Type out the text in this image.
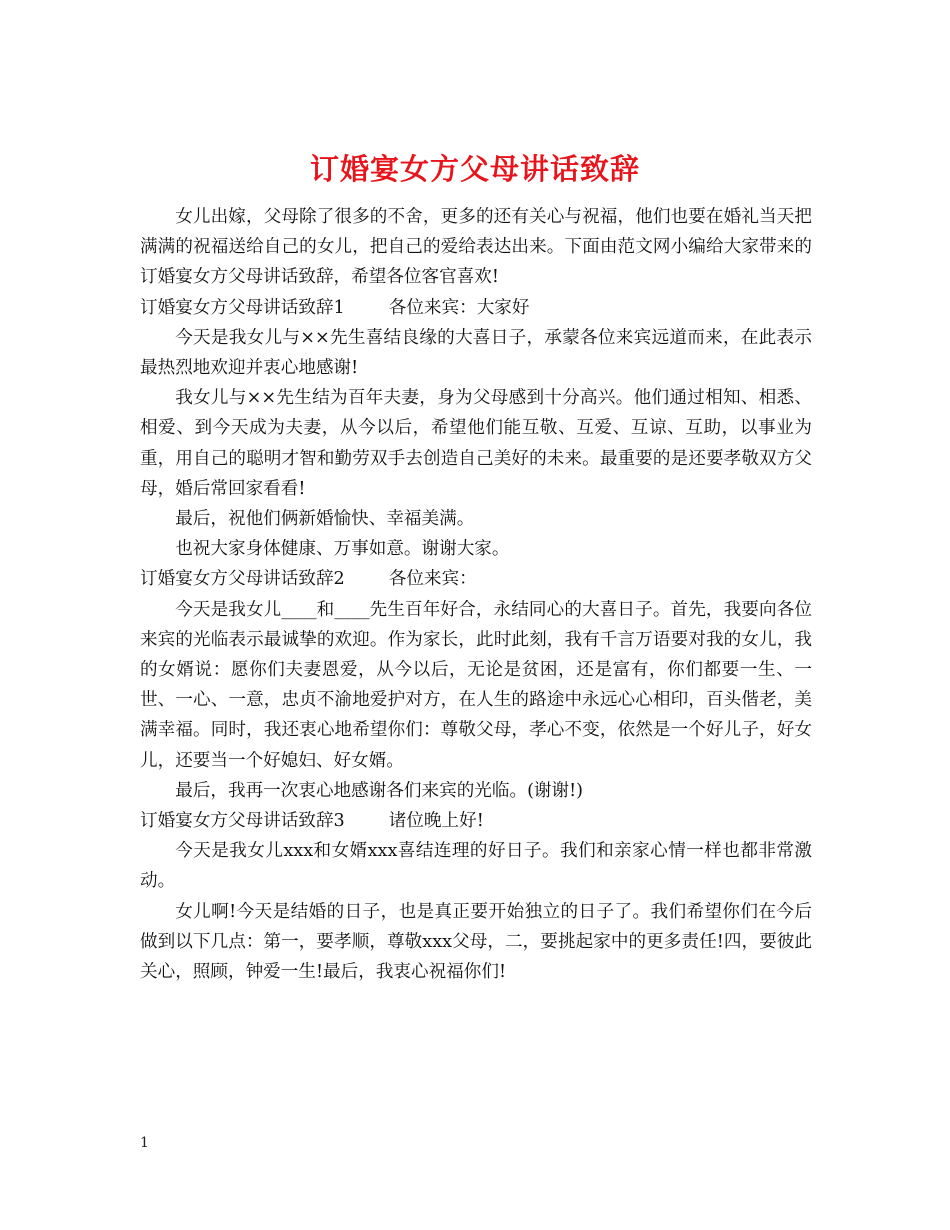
订婚宴女方父母讲话致辞

女儿出嫁，父母除了很多的不舍，更多的还有关心与祝福，他们也要在婚礼当天把满满的祝福送给自己的女儿，把自己的爱给表达出来。下面由范文网小编给大家带来的订婚宴女方父母讲话致辞，希望各位客官喜欢!

订婚宴女方父母讲话致辞1	各位来宾：大家好

今天是我女儿与××先生喜结良缘的大喜日子，承蒙各位来宾远道而来，在此表示最热烈地欢迎并衷心地感谢!

我女儿与××先生结为百年夫妻，身为父母感到十分高兴。他们通过相知、相悉、相爱、到今天成为夫妻，从今以后，希望他们能互敬、互爱、互谅、互助，以事业为重，用自己的聪明才智和勤劳双手去创造自己美好的未来。最重要的是还要孝敬双方父母，婚后常回家看看!

最后，祝他们俩新婚愉快、幸福美满。

也祝大家身体健康、万事如意。谢谢大家。

订婚宴女方父母讲话致辞2	各位来宾：

今天是我女儿____和____先生百年好合，永结同心的大喜日子。首先，我要向各位来宾的光临表示最诚挚的欢迎。作为家长，此时此刻，我有千言万语要对我的女儿，我的女婿说：愿你们夫妻恩爱，从今以后，无论是贫困，还是富有，你们都要一生、一世、一心、一意，忠贞不渝地爱护对方，在人生的路途中永远心心相印，百头偕老，美满幸福。同时，我还衷心地希望你们：尊敬父母，孝心不变，依然是一个好儿子，好女儿，还要当一个好媳妇、好女婿。

最后，我再一次衷心地感谢各们来宾的光临。(谢谢!)

订婚宴女方父母讲话致辞3	诸位晚上好!

今天是我女儿xxx和女婿xxx喜结连理的好日子。我们和亲家心情一样也都非常激动。

女儿啊!今天是结婚的日子，也是真正要开始独立的日子了。我们希望你们在今后做到以下几点：第一，要孝顺，尊敬xxx父母，二，要挑起家中的更多责任!四，要彼此关心，照顾，钟爱一生!最后，我衷心祝福你们!

1
